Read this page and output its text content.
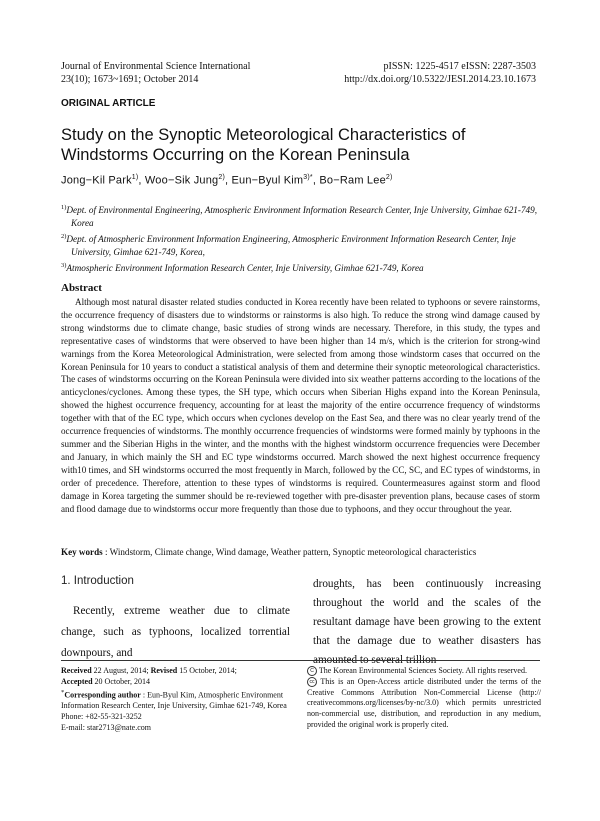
Journal of Environmental Science International
23(10); 1673~1691; October 2014
pISSN: 1225-4517 eISSN: 2287-3503
http://dx.doi.org/10.5322/JESI.2014.23.10.1673
ORIGINAL ARTICLE
Study on the Synoptic Meteorological Characteristics of Windstorms Occurring on the Korean Peninsula
Jong−Kil Park$^{1)}$, Woo−Sik Jung$^{2)}$, Eun−Byul Kim$^{3)*}$, Bo−Ram Lee$^{2)}$

$^{1)}$Dept. of Environmental Engineering, Atmospheric Environment Information Research Center, Inje University, Gimhae 621-749, Korea

$^{2)}$Dept. of Atmospheric Environment Information Engineering, Atmospheric Environment Information Research Center, Inje University, Gimhae 621-749, Korea,

$^{3)}$Atmospheric Environment Information Research Center, Inje University, Gimhae 621-749, Korea

Abstract
Although most natural disaster related studies conducted in Korea recently have been related to typhoons or severe rainstorms, the occurrence frequency of disasters due to windstorms or rainstorms is also high. To reduce the strong wind damage caused by strong windstorms due to climate change, basic studies of strong winds are necessary. Therefore, in this study, the types and representative cases of windstorms that were observed to have been higher than 14 m/s, which is the criterion for strong-wind warnings from the Korea Meteorological Administration, were selected from among those windstorm cases that occurred on the Korean Peninsula for 10 years to conduct a statistical analysis of them and determine their synoptic meteorological characteristics. The cases of windstorms occurring on the Korean Peninsula were divided into six weather patterns according to the locations of the anticyclones/cyclones. Among these types, the SH type, which occurs when Siberian Highs expand into the Korean Peninsula, showed the highest occurrence frequency, accounting for at least the majority of the entire occurrence frequency of windstorms together with that of the EC type, which occurs when cyclones develop on the East Sea, and there was no clear yearly trend of the occurrence frequencies of windstorms. The monthly occurrence frequencies of windstorms were formed mainly by typhoons in the summer and the Siberian Highs in the winter, and the months with the highest windstorm occurrence frequencies were December and January, in which mainly the SH and EC type windstorms occurred. March showed the next highest occurrence frequency with10 times, and SH windstorms occurred the most frequently in March, followed by the CC, SC, and EC types of windstorms, in order of precedence. Therefore, attention to these types of windstorms is required. Countermeasures against storm and flood damage in Korea targeting the summer should be re-reviewed together with pre-disaster prevention plans, because cases of storm and flood damage due to windstorms occur more frequently than those due to typhoons, and they occur throughout the year.
Key words : Windstorm, Climate change, Wind damage, Weather pattern, Synoptic meteorological characteristics
1. Introduction
Recently, extreme weather due to climate change, such as typhoons, localized torrential downpours, and
droughts, has been continuously increasing throughout the world and the scales of the resultant damage have been growing to the extent that the damage due to weather disasters has amounted to several trillion
Received 22 August, 2014; Revised 15 October, 2014;
Accepted 20 October, 2014
*Corresponding author : Eun-Byul Kim, Atmospheric Environment Information Research Center, Inje University, Gimhae 621-749, Korea
Phone: +82-55-321-3252
E-mail: star2713@nate.com
C The Korean Environmental Sciences Society. All rights reserved.
cc This is an Open-Access article distributed under the terms of the Creative Commons Attribution Non-Commercial License (http:// creativecommons.org/licenses/by-nc/3.0) which permits unrestricted non-commercial use, distribution, and reproduction in any medium, provided the original work is properly cited.
